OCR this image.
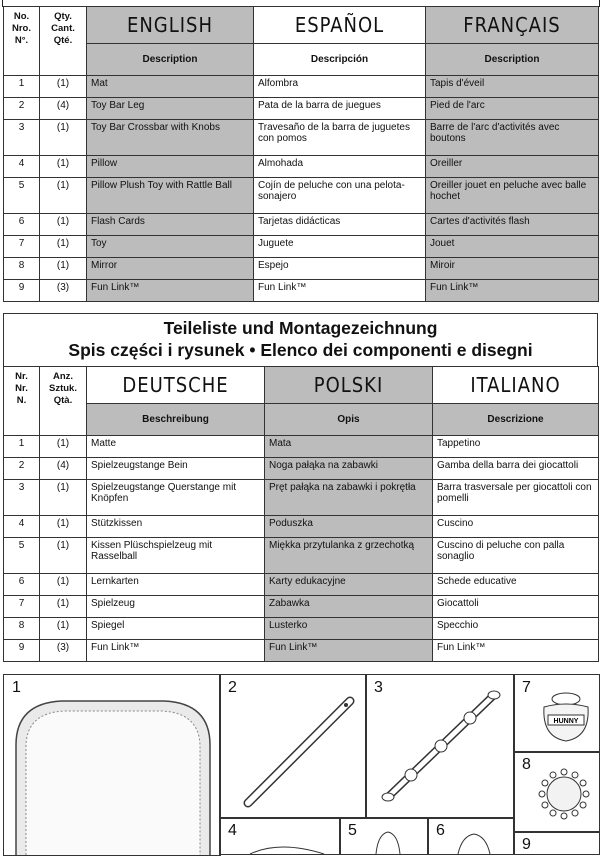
No.
Nro.
N°.	Qty.
Cant.
Qté.	ENGLISH	ESPAÑOL	FRANÇAIS
		Description	Descripción	Description
1	(1)	Mat	Alfombra	Tapis d'éveil
2	(4)	Toy Bar Leg	Pata de la barra de juegues	Pied de l'arc
3	(1)	Toy Bar Crossbar with Knobs	Travesaño de la barra de juguetes con pomos	Barre de l'arc d'activités avec boutons
4	(1)	Pillow	Almohada	Oreiller
5	(1)	Pillow Plush Toy with Rattle Ball	Cojín de peluche con una pelota-sonajero	Oreiller jouet en peluche avec balle hochet
6	(1)	Flash Cards	Tarjetas didácticas	Cartes d'activités flash
7	(1)	Toy	Juguete	Jouet
8	(1)	Mirror	Espejo	Miroir
9	(3)	Fun Link™	Fun Link™	Fun Link™
Teileliste und Montagezeichnung
Spis części i rysunek • Elenco dei componenti e disegni
Nr.
Nr.
N.	Anz.
Sztuk.
Qtà.	DEUTSCHE	POLSKI	ITALIANO
		Beschreibung	Opis	Descrizione
1	(1)	Matte	Mata	Tappetino
2	(4)	Spielzeugstange Bein	Noga pałąka na zabawki	Gamba della barra dei giocattoli
3	(1)	Spielzeugstange Querstange mit Knöpfen	Pręt pałąka na zabawki i pokrętła	Barra trasversale per giocattoli con pomelli
4	(1)	Stützkissen	Poduszka	Cuscino
5	(1)	Kissen Plüschspielzeug mit Rasselball	Miękka przytulanka z grzechotką	Cuscino di peluche con palla sonaglio
6	(1)	Lernkarten	Karty edukacyjne	Schede educative
7	(1)	Spielzeug	Zabawka	Giocattoli
8	(1)	Spiegel	Lusterko	Specchio
9	(3)	Fun Link™	Fun Link™	Fun Link™
1	2	3	7
HUNNY
8
9
4	5	6
